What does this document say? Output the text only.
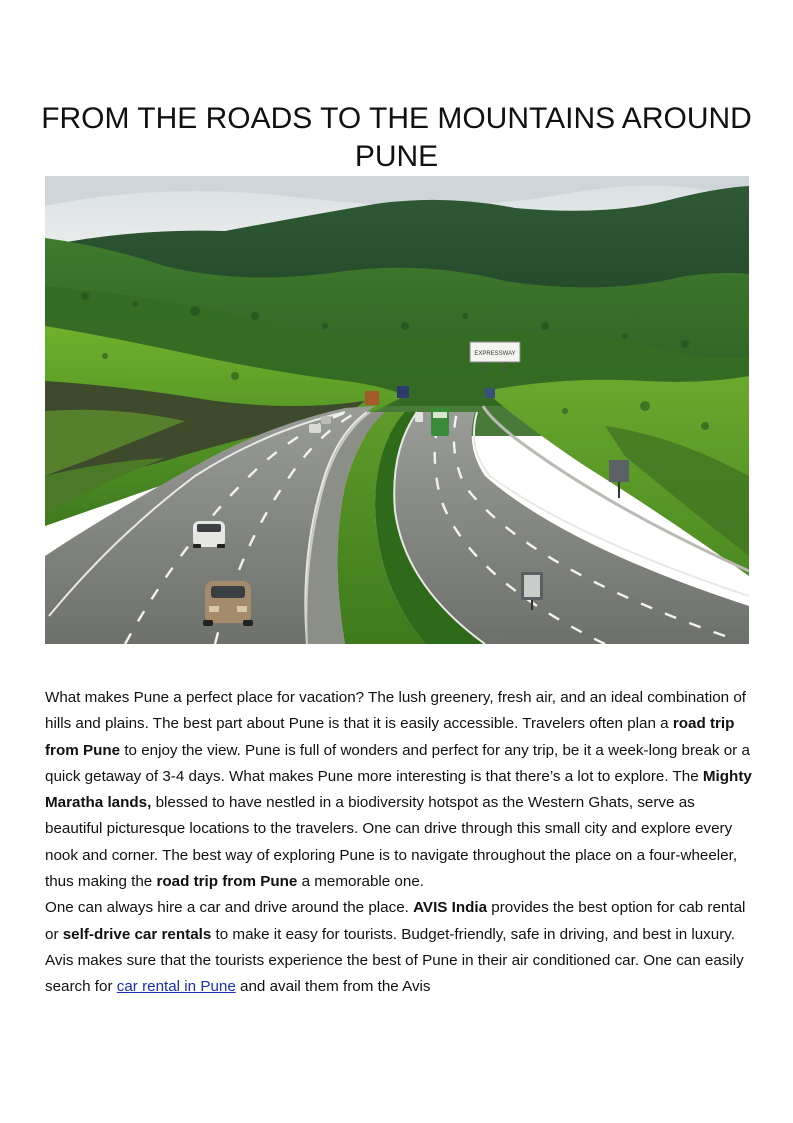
FROM THE ROADS TO THE MOUNTAINS AROUND PUNE
EXPRESSWAY

What makes Pune a perfect place for vacation? The lush greenery, fresh air, and an ideal combination of hills and plains. The best part about Pune is that it is easily accessible. Travelers often plan a road trip from Pune to enjoy the view. Pune is full of wonders and perfect for any trip, be it a week-long break or a quick getaway of 3-4 days. What makes Pune more interesting is that there’s a lot to explore. The Mighty Maratha lands, blessed to have nestled in a biodiversity hotspot as the Western Ghats, serve as beautiful picturesque locations to the travelers. One can drive through this small city and explore every nook and corner. The best way of exploring Pune is to navigate throughout the place on a four-wheeler, thus making the road trip from Pune a memorable one.

One can always hire a car and drive around the place. AVIS India provides the best option for cab rental or self-drive car rentals to make it easy for tourists. Budget-friendly, safe in driving, and best in luxury. Avis makes sure that the tourists experience the best of Pune in their air conditioned car. One can easily search for car rental in Pune and avail them from the Avis
